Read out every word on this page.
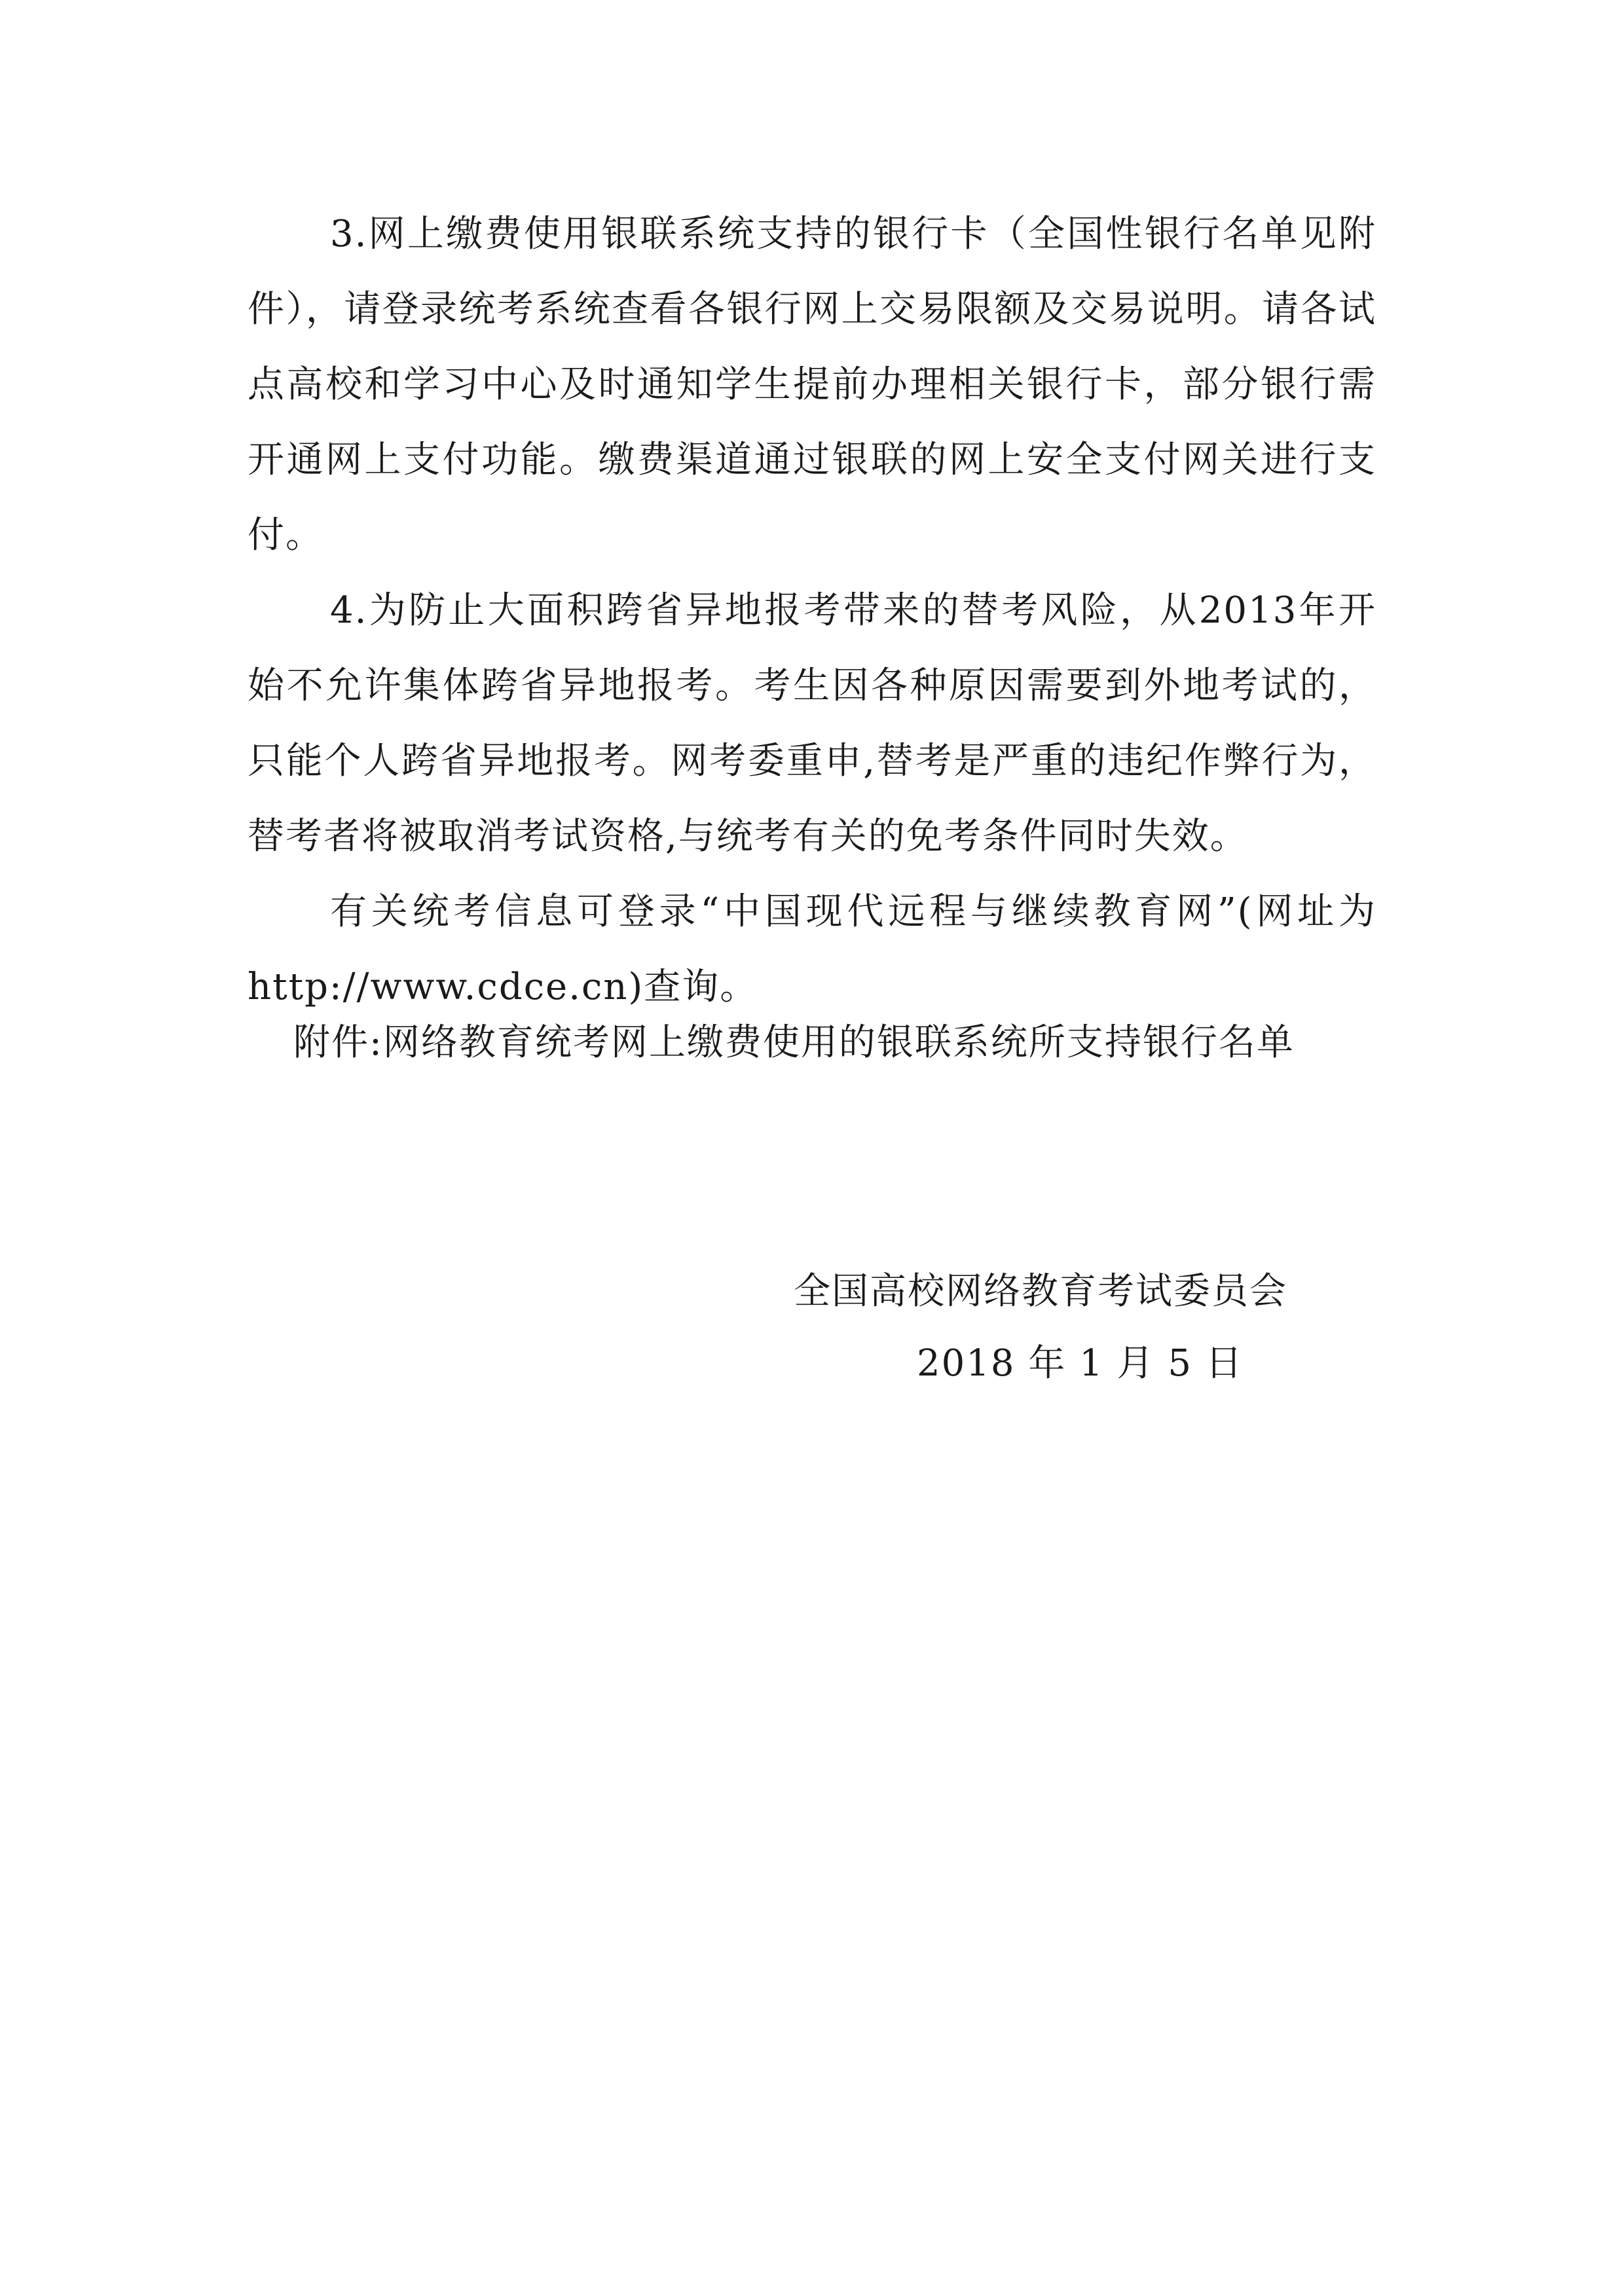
3.网上缴费使用银联系统支持的银行卡（全国性银行名单见附件），请登录统考系统查看各银行网上交易限额及交易说明。请各试点高校和学习中心及时通知学生提前办理相关银行卡，部分银行需开通网上支付功能。缴费渠道通过银联的网上安全支付网关进行支付。

4.为防止大面积跨省异地报考带来的替考风险，从2013年开始不允许集体跨省异地报考。考生因各种原因需要到外地考试的，只能个人跨省异地报考。网考委重申,替考是严重的违纪作弊行为，替考者将被取消考试资格,与统考有关的免考条件同时失效。

有关统考信息可登录“中国现代远程与继续教育网”(网址为 http://www.cdce.cn)查询。

附件:网络教育统考网上缴费使用的银联系统所支持银行名单
全国高校网络教育考试委员会
2018 年 1 月 5 日
